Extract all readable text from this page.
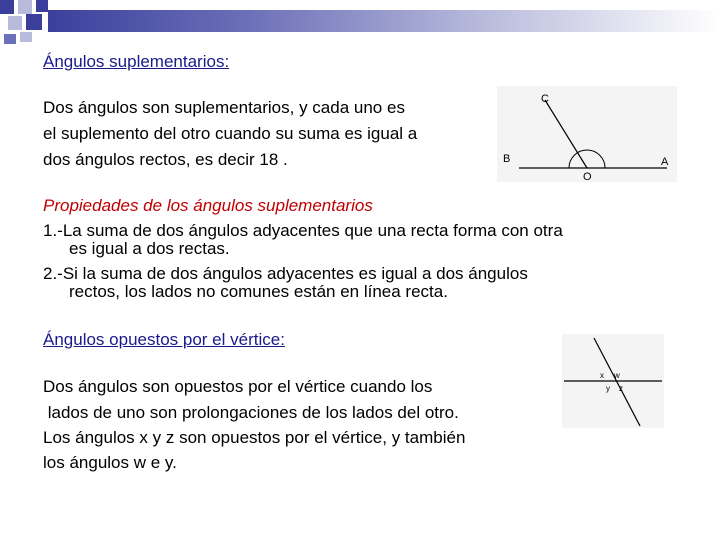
Ángulos suplementarios:
Dos ángulos son suplementarios, y cada uno es
el suplemento del otro cuando su suma es igual a
dos ángulos rectos, es decir 18 .
C
B
O
A
Propiedades de los ángulos suplementarios
1.-La suma de dos ángulos adyacentes que una recta forma con otra
es igual a dos rectas.
2.-Si la suma de dos ángulos adyacentes es igual a dos ángulos
rectos, los lados no comunes están en línea recta.
Ángulos opuestos por el vértice:
Dos ángulos son opuestos por el vértice cuando los
lados de uno son prolongaciones de los lados del otro.
Los ángulos x y z son opuestos por el vértice, y también
los ángulos w e y.
x w
y z
